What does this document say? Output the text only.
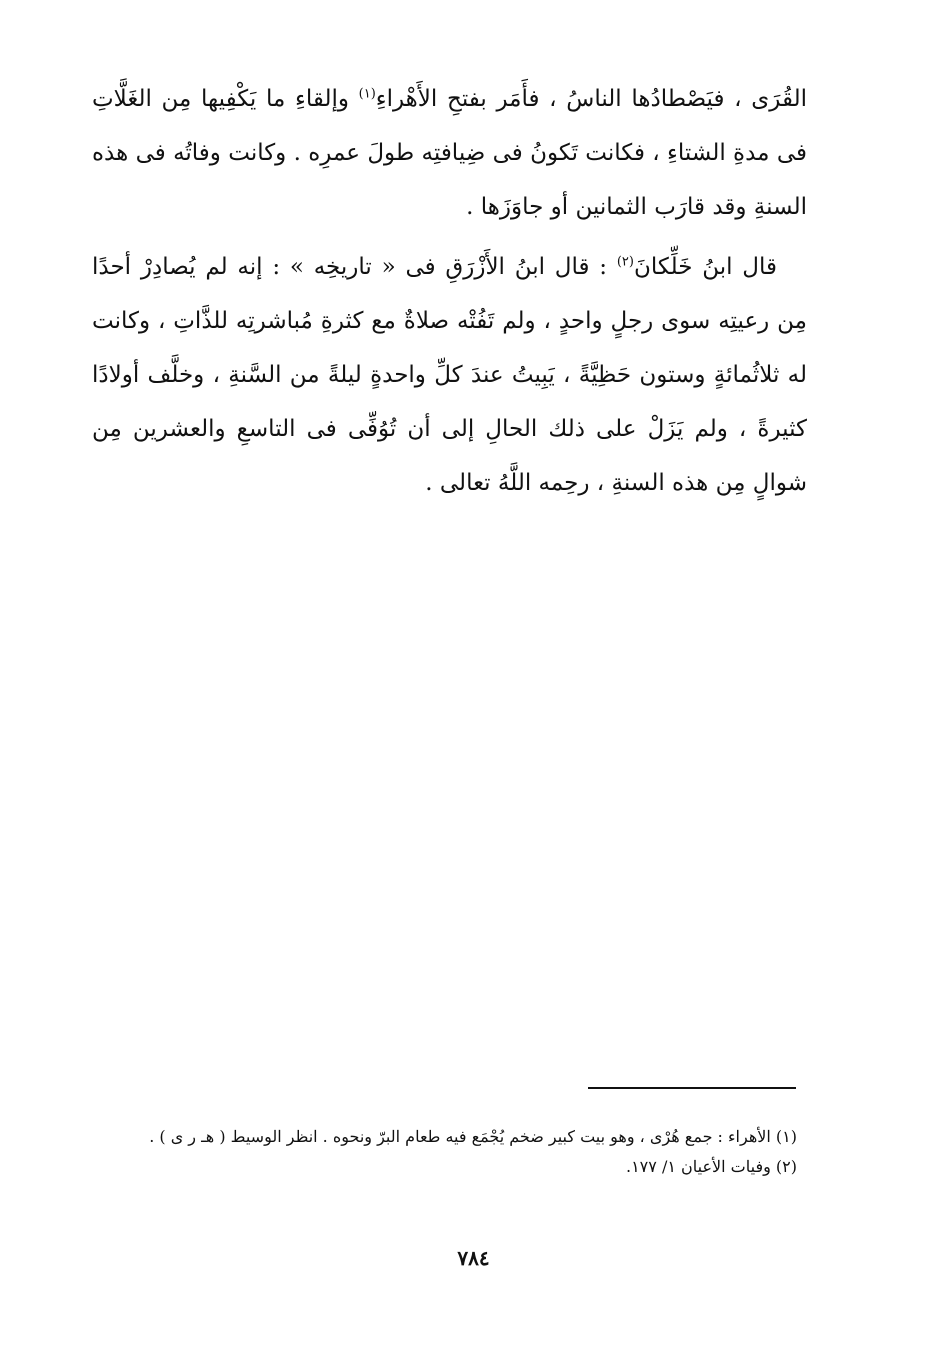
القُرَى ، فيَصْطادُها الناسُ ، فأَمَر بفتحِ الأَهْراءِ$^{(١)}$ وإلقاءِ ما يَكْفِيها مِن الغَلَّاتِ فى مدةِ الشتاءِ ، فكانت تَكونُ فى ضِيافتِه طولَ عمرِه . وكانت وفاتُه فى هذه السنةِ وقد قارَب الثمانين أو جاوَزَها .

قال ابنُ خَلِّكانَ$^{(٢)}$ : قال ابنُ الأَزْرَقِ فى « تاريخِه » : إنه لم يُصادِرْ أحدًا مِن رعيتِه سوى رجلٍ واحدٍ ، ولم تَفُتْه صلاةٌ مع كثرةِ مُباشرتِه للذَّاتِ ، وكانت له ثلاثُمائةٍ وستون حَظِيَّةً ، يَبِيتُ عندَ كلِّ واحدةٍ ليلةً من السَّنةِ ، وخلَّف أولادًا كثيرةً ، ولم يَزَلْ على ذلك الحالِ إلى أن تُوُفِّى فى التاسعِ والعشرين مِن شوالٍ مِن هذه السنةِ ، رحِمه اللَّهُ تعالى .

(١) الأهراء : جمع هُرْى ، وهو بيت كبير ضخم يُجْمَع فيه طعام البرّ ونحوه . انظر الوسيط ( هـ ر ى ) .

(٢) وفيات الأعيان ١/ ١٧٧.

٧٨٤
